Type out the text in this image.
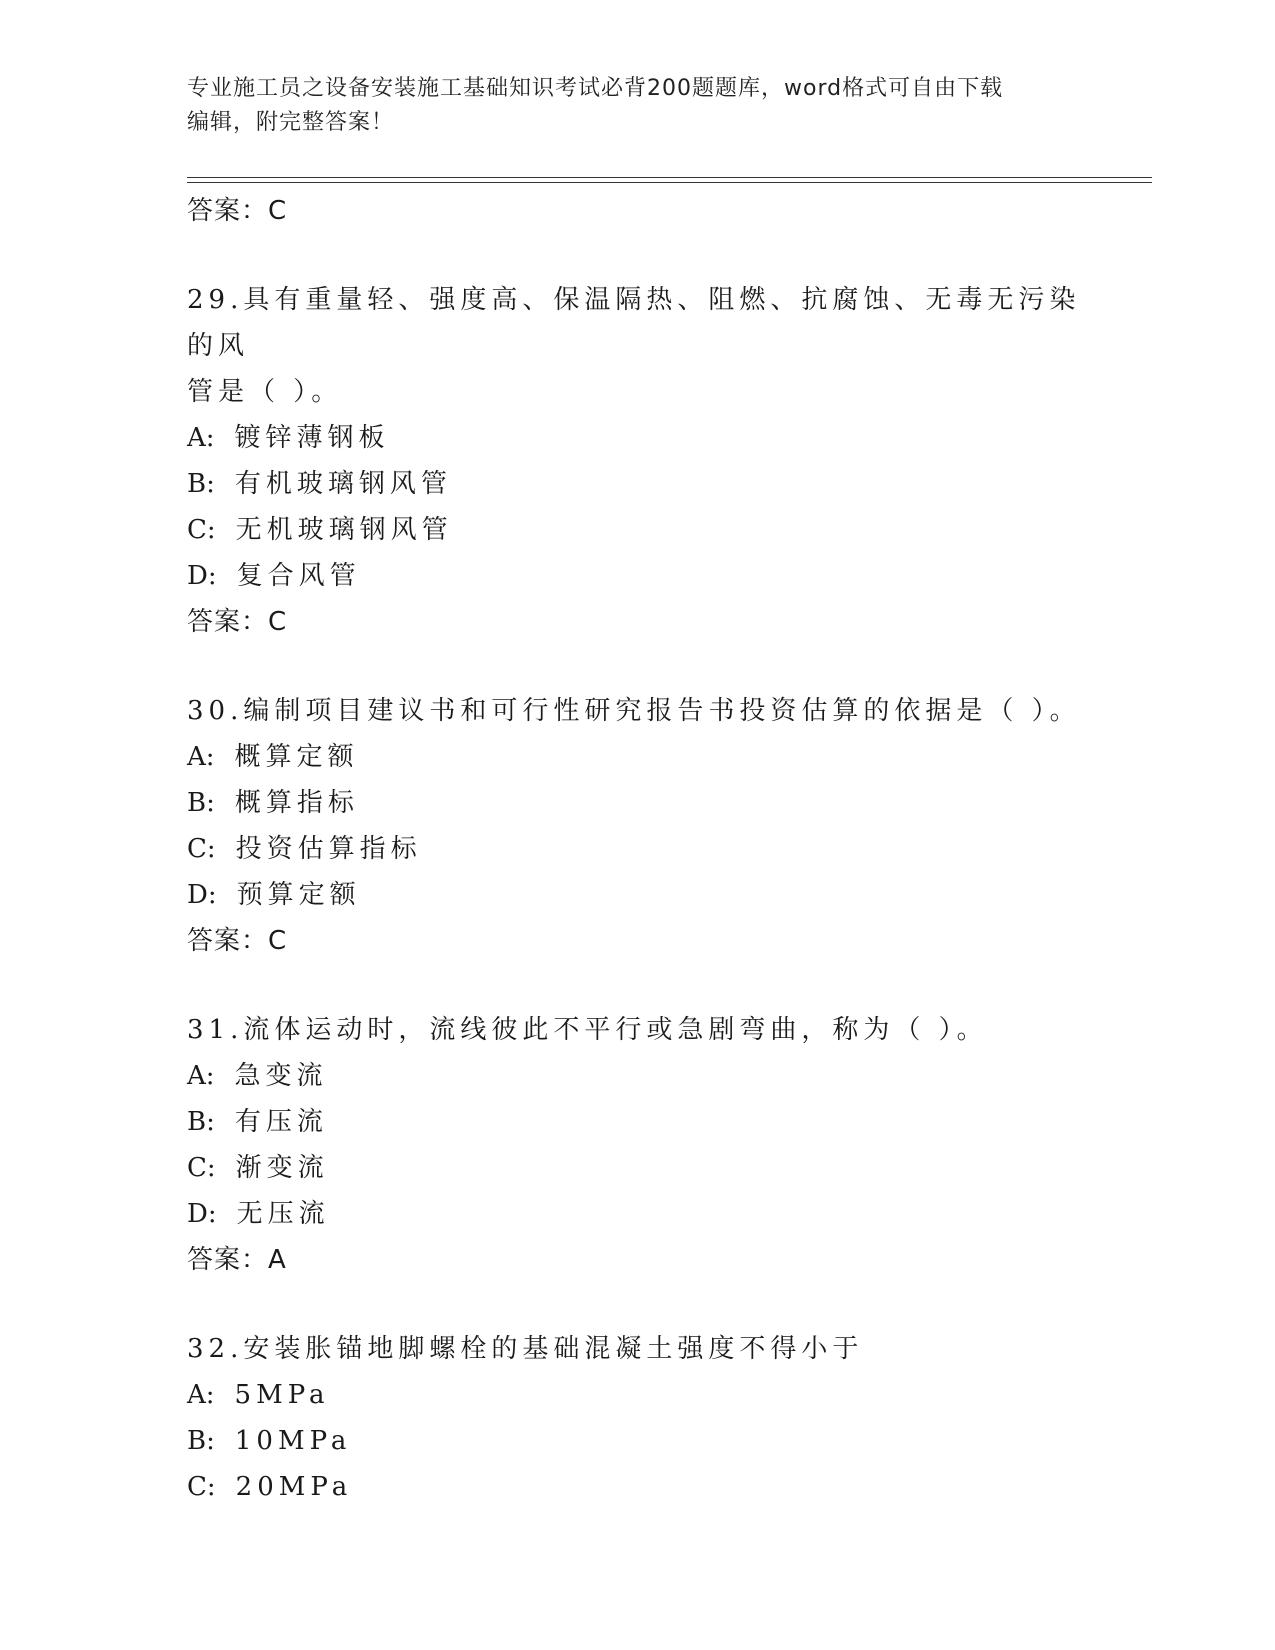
专业施工员之设备安装施工基础知识考试必背200题题库，word格式可自由下载
编辑，附完整答案！
答案：C
29.具有重量轻、强度高、保温隔热、阻燃、抗腐蚀、无毒无污染的风
管是（ ）。
A: 镀锌薄钢板
B: 有机玻璃钢风管
C: 无机玻璃钢风管
D: 复合风管
答案：C
30.编制项目建议书和可行性研究报告书投资估算的依据是（ ）。
A: 概算定额
B: 概算指标
C: 投资估算指标
D: 预算定额
答案：C
31.流体运动时，流线彼此不平行或急剧弯曲，称为（ ）。
A: 急变流
B: 有压流
C: 渐变流
D: 无压流
答案：A
32.安装胀锚地脚螺栓的基础混凝土强度不得小于
A: 5MPa
B: 10MPa
C: 20MPa
